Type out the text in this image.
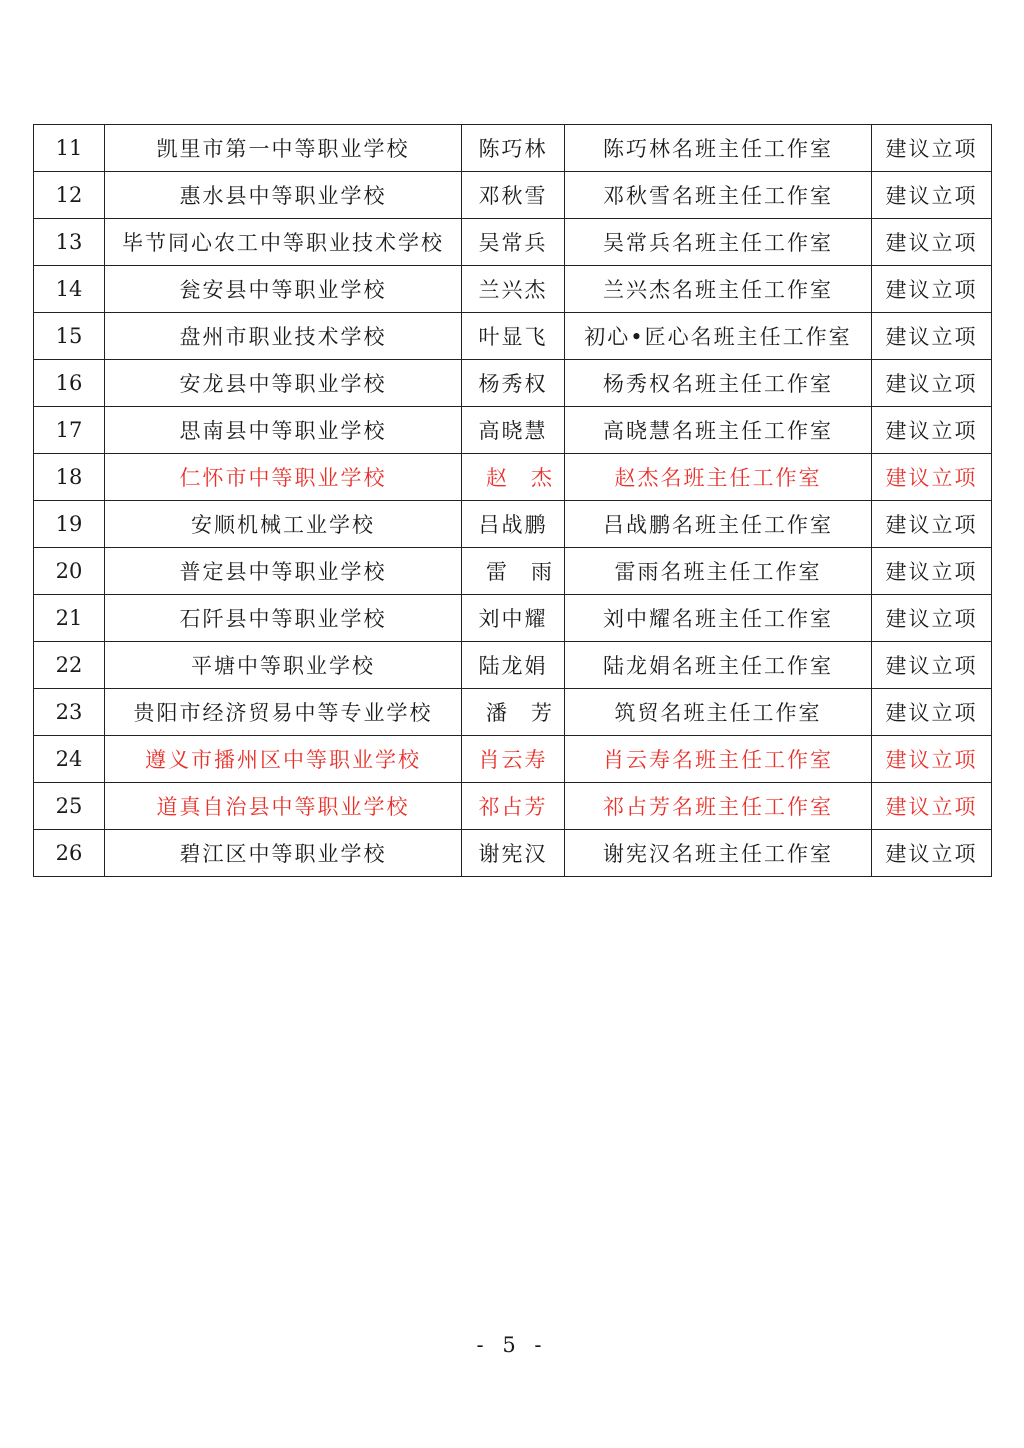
11	凯里市第一中等职业学校	陈巧林	陈巧林名班主任工作室	建议立项
12	惠水县中等职业学校	邓秋雪	邓秋雪名班主任工作室	建议立项
13	毕节同心农工中等职业技术学校	吴常兵	吴常兵名班主任工作室	建议立项
14	瓮安县中等职业学校	兰兴杰	兰兴杰名班主任工作室	建议立项
15	盘州市职业技术学校	叶显飞	初心•匠心名班主任工作室	建议立项
16	安龙县中等职业学校	杨秀权	杨秀权名班主任工作室	建议立项
17	思南县中等职业学校	高晓慧	高晓慧名班主任工作室	建议立项
18	仁怀市中等职业学校	赵杰	赵杰名班主任工作室	建议立项
19	安顺机械工业学校	吕战鹏	吕战鹏名班主任工作室	建议立项
20	普定县中等职业学校	雷雨	雷雨名班主任工作室	建议立项
21	石阡县中等职业学校	刘中耀	刘中耀名班主任工作室	建议立项
22	平塘中等职业学校	陆龙娟	陆龙娟名班主任工作室	建议立项
23	贵阳市经济贸易中等专业学校	潘芳	筑贸名班主任工作室	建议立项
24	遵义市播州区中等职业学校	肖云寿	肖云寿名班主任工作室	建议立项
25	道真自治县中等职业学校	祁占芳	祁占芳名班主任工作室	建议立项
26	碧江区中等职业学校	谢宪汉	谢宪汉名班主任工作室	建议立项
- 5 -
